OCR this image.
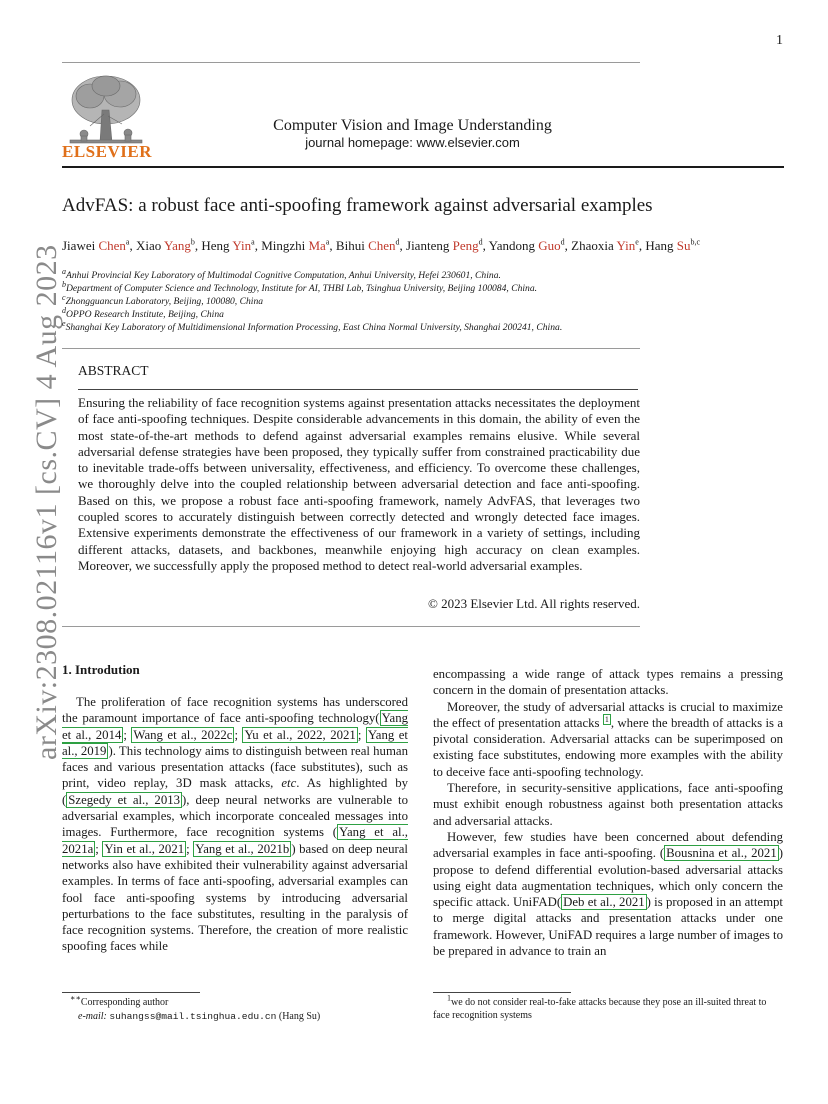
1
ELSEVIER
Computer Vision and Image Understanding
journal homepage: www.elsevier.com
arXiv:2308.02116v1 [cs.CV] 4 Aug 2023
AdvFAS: a robust face anti-spoofing framework against adversarial examples
Jiawei Chen$^a$, Xiao Yang$^b$, Heng Yin$^a$, Mingzhi Ma$^a$, Bihui Chen$^d$, Jianteng Peng$^d$, Yandong Guo$^d$, Zhaoxia Yin$^e$, Hang Su$^{b,c}$
$^a$Anhui Provincial Key Laboratory of Multimodal Cognitive Computation, Anhui University, Hefei 230601, China.
$^b$Department of Computer Science and Technology, Institute for AI, THBI Lab, Tsinghua University, Beijing 100084, China.
$^c$Zhongguancun Laboratory, Beijing, 100080, China
$^d$OPPO Research Institute, Beijing, China
$^e$Shanghai Key Laboratory of Multidimensional Information Processing, East China Normal University, Shanghai 200241, China.
ABSTRACT
Ensuring the reliability of face recognition systems against presentation attacks necessitates the deployment of face anti-spoofing techniques. Despite considerable advancements in this domain, the ability of even the most state-of-the-art methods to defend against adversarial examples remains elusive. While several adversarial defense strategies have been proposed, they typically suffer from constrained practicability due to inevitable trade-offs between universality, effectiveness, and efficiency. To overcome these challenges, we thoroughly delve into the coupled relationship between adversarial detection and face anti-spoofing. Based on this, we propose a robust face anti-spoofing framework, namely AdvFAS, that leverages two coupled scores to accurately distinguish between correctly detected and wrongly detected face images. Extensive experiments demonstrate the effectiveness of our framework in a variety of settings, including different attacks, datasets, and backbones, meanwhile enjoying high accuracy on clean examples. Moreover, we successfully apply the proposed method to detect real-world adversarial examples.
© 2023 Elsevier Ltd. All rights reserved.
1. Introdution

The proliferation of face recognition systems has underscored the paramount importance of face anti-spoofing technology( Yang et al., 2014 ; Wang et al., 2022c ; Yu et al., 2022, 2021 ; Yang et al., 2019 ). This technology aims to distinguish between real human faces and various presentation attacks (face substitutes), such as print, video replay, 3D mask attacks, etc. As highlighted by ( Szegedy et al., 2013 ), deep neural networks are vulnerable to adversarial examples, which incorporate concealed messages into images. Furthermore, face recognition systems ( Yang et al., 2021a ; Yin et al., 2021 ; Yang et al., 2021b ) based on deep neural networks also have exhibited their vulnerability against adversarial examples. In terms of face anti-spoofing, adversarial examples can fool face anti-spoofing systems by introducing adversarial perturbations to the face substitutes, resulting in the paralysis of face recognition systems. Therefore, the creation of more realistic spoofing faces while

encompassing a wide range of attack types remains a pressing concern in the domain of presentation attacks.

Moreover, the study of adversarial attacks is crucial to maximize the effect of presentation attacks $^1$ , where the breadth of attacks is a pivotal consideration. Adversarial attacks can be superimposed on existing face substitutes, endowing more examples with the ability to deceive face anti-spoofing technology.

Therefore, in security-sensitive applications, face anti-spoofing must exhibit enough robustness against both presentation attacks and adversarial attacks.

However, few studies have been concerned about defending adversarial examples in face anti-spoofing. ( Bousnina et al., 2021 ) propose to defend differential evolution-based adversarial attacks using eight data augmentation techniques, which only concern the specific attack. UniFAD( Deb et al., 2021 ) is proposed in an attempt to merge digital attacks and presentation attacks under one framework. However, UniFAD requires a large number of images to be prepared in advance to train an

∗∗Corresponding author
e-mail: suhangss@mail.tsinghua.edu.cn (Hang Su)
$^1$we do not consider real-to-fake attacks because they pose an ill-suited threat to face recognition systems
